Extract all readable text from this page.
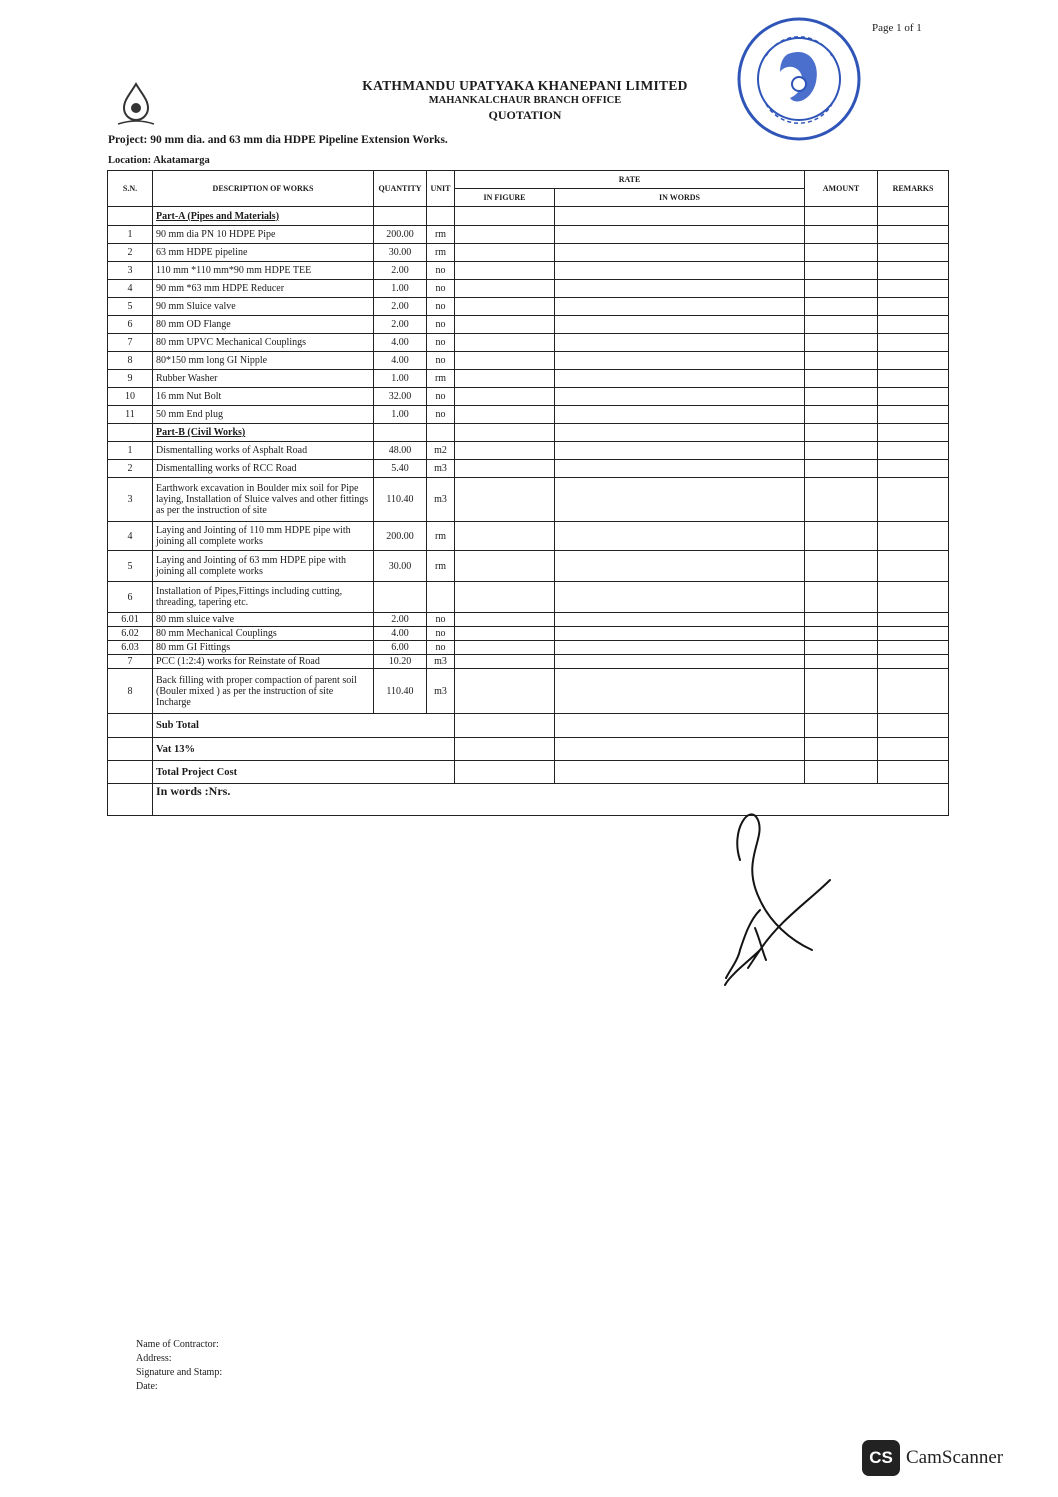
Page 1 of 1
KATHMANDU UPATYAKA KHANEPANI LIMITED
MAHANKALCHAUR BRANCH OFFICE
QUOTATION
Project: 90 mm dia. and 63 mm dia HDPE Pipeline Extension Works.
Location: Akatamarga
S.N.	DESCRIPTION OF WORKS	QUANTITY	UNIT	RATE		AMOUNT	REMARKS
				IN FIGURE	IN WORDS		
	Part-A (Pipes and Materials)						
1	90 mm dia PN 10 HDPE Pipe	200.00	rm				
2	63 mm HDPE pipeline	30.00	rm				
3	110 mm *110 mm*90 mm HDPE TEE	2.00	no				
4	90 mm *63 mm HDPE Reducer	1.00	no				
5	90 mm Sluice valve	2.00	no				
6	80 mm OD Flange	2.00	no				
7	80 mm UPVC Mechanical Couplings	4.00	no				
8	80*150 mm long GI Nipple	4.00	no				
9	Rubber Washer	1.00	rm				
10	16 mm Nut Bolt	32.00	no				
11	50 mm End plug	1.00	no				
	Part-B (Civil Works)						
1	Dismentalling works of Asphalt Road	48.00	m2				
2	Dismentalling works of RCC Road	5.40	m3				
3	Earthwork excavation in Boulder mix soil for Pipe laying, Installation of Sluice valves and other fittings as per the instruction of site	110.40	m3				
4	Laying and Jointing of 110 mm HDPE pipe with joining all complete works	200.00	rm				
5	Laying and Jointing of 63 mm HDPE pipe with joining all complete works	30.00	rm				
6	Installation of Pipes,Fittings including cutting, threading, tapering etc.						
6.01	80 mm sluice valve	2.00	no				
6.02	80 mm Mechanical Couplings	4.00	no				
6.03	80 mm GI Fittings	6.00	no				
7	PCC (1:2:4) works for Reinstate of Road	10.20	m3				
8	Back filling with proper compaction of parent soil (Bouler mixed ) as per the instruction of site Incharge	110.40	m3				
	Sub Total						
	Vat 13%						
	Total Project Cost						
	In words :Nrs.						
Name of Contractor:
Address:
Signature and Stamp:
Date:
CS CamScanner
